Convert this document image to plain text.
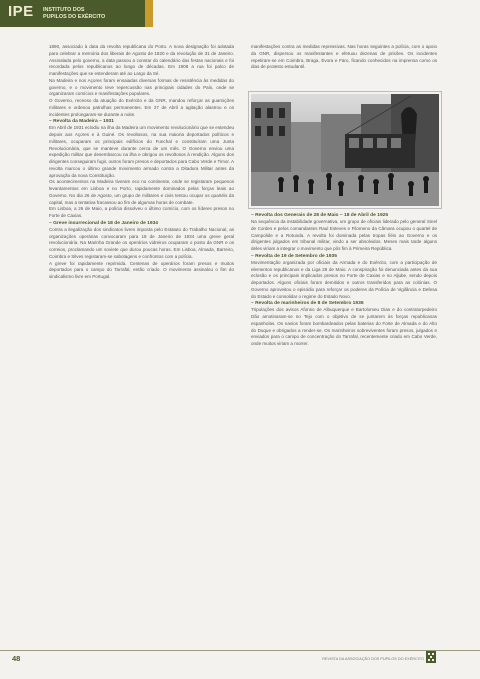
IPE INSTITUTO DOS
PUPILOS DO EXÉRCITO

1890, associado à data da revolta republicana do Porto. A nova designação foi adotada para celebrar a memória dos liberais de Agosto de 1820 e da revolução de 31 de Janeiro. Assinalada pelo governo, a data passou a constar do calendário das festas nacionais e foi recordada pelos republicanos ao longo de décadas. Em 1908 a rua foi palco de manifestações que se estenderam até ao Largo da Sé.

Na Madeira e nos Açores foram ensaiadas diversas formas de resistência às medidas do governo, e o movimento teve repercussão nas principais cidades do País, onde se organizaram comícios e manifestações populares.

O Governo, receoso da atuação do Exército e da GNR, mandou reforçar as guarnições militares e ordenou patrulhas permanentes. Em 27 de Abril a agitação alastrou e os incidentes prolongaram-se durante a noite.

– Revolta da Madeira – 1931

Em Abril de 1931 eclodiu na ilha da Madeira um movimento revolucionário que se estendeu depois aos Açores e à Guiné. Os revoltosos, na sua maioria deportados políticos e militares, ocuparam os principais edifícios do Funchal e constituíram uma Junta Revolucionária, que se manteve durante cerca de um mês. O Governo enviou uma expedição militar que desembarcou na ilha e obrigou os revoltosos à rendição. Alguns dos dirigentes conseguiram fugir, outros foram presos e deportados para Cabo Verde e Timor. A revolta marcou o último grande movimento armado contra a Ditadura Militar antes da aprovação da nova Constituição.

Os acontecimentos na Madeira tiveram eco no continente, onde se registaram pequenos levantamentos em Lisboa e no Porto, rapidamente dominados pelas forças leais ao Governo. No dia 26 de Agosto, um grupo de militares e civis tentou ocupar os quartéis da capital, mas a tentativa fracassou ao fim de algumas horas de combate.

Em Lisboa, a 26 de Maio, a polícia dissolveu o último comício, com os líderes presos no Forte de Caxias.

– Greve insurrecional de 18 de Janeiro de 1934

Contra a ilegalização dos sindicatos livres imposta pelo Estatuto do Trabalho Nacional, as organizações operárias convocaram para 18 de Janeiro de 1934 uma greve geral revolucionária. Na Marinha Grande os operários vidreiros ocuparam o posto da GNR e os correios, proclamando um soviete que durou poucas horas. Em Lisboa, Almada, Barreiro, Coimbra e Silves registaram-se sabotagens e confrontos com a polícia.

A greve foi rapidamente reprimida. Centenas de operários foram presos e muitos deportados para o campo do Tarrafal, então criado. O movimento assinalou o fim do sindicalismo livre em Portugal.

manifestações contra as medidas repressivas. Nas horas seguintes a polícia, com o apoio da GNR, dispersou os manifestantes e efetuou dezenas de prisões. Os incidentes repetiram-se em Coimbra, Braga, Évora e Faro, ficando conhecidos na imprensa como os dias de protesto estudantil.

– Revolta dos Generais de 28 de Maio – 18 de Abril de 1925

Na sequência da instabilidade governativa, um grupo de oficiais liderado pelo general Sinel de Cordes e pelos comandantes Raul Esteves e Filomeno da Câmara ocupou o quartel de Campolide e a Rotunda. A revolta foi dominada pelas tropas fiéis ao Governo e os dirigentes julgados em tribunal militar, vindo a ser absolvidos. Meses mais tarde alguns deles viriam a integrar o movimento que pôs fim à Primeira República.

– Revolta de 19 de Setembro de 1935

Movimentação organizada por oficiais da Armada e do Exército, com a participação de elementos republicanos e da Liga 28 de Maio. A conspiração foi denunciada antes da sua eclosão e os principais implicados presos no Forte de Caxias e no Aljube, sendo depois deportados. Alguns oficiais foram demitidos e outros transferidos para as colónias. O Governo aproveitou o episódio para reforçar os poderes da Polícia de Vigilância e Defesa do Estado e consolidar o regime do Estado Novo.

– Revolta de marinheiros de 8 de Setembro 1936

Tripulações dos avisos Afonso de Albuquerque e Bartolomeu Dias e do contratorpedeiro Dão amotinaram-se no Tejo com o objetivo de se juntarem às forças republicanas espanholas. Os navios foram bombardeados pelas baterias do Forte de Almada e do Alto do Duque e obrigados a render-se. Os marinheiros sobreviventes foram presos, julgados e enviados para o campo de concentração do Tarrafal, recentemente criado em Cabo Verde, onde muitos viriam a morrer.

48	REVISTA DA ASSOCIAÇÃO DOS PUPILOS DO EXÉRCITO
